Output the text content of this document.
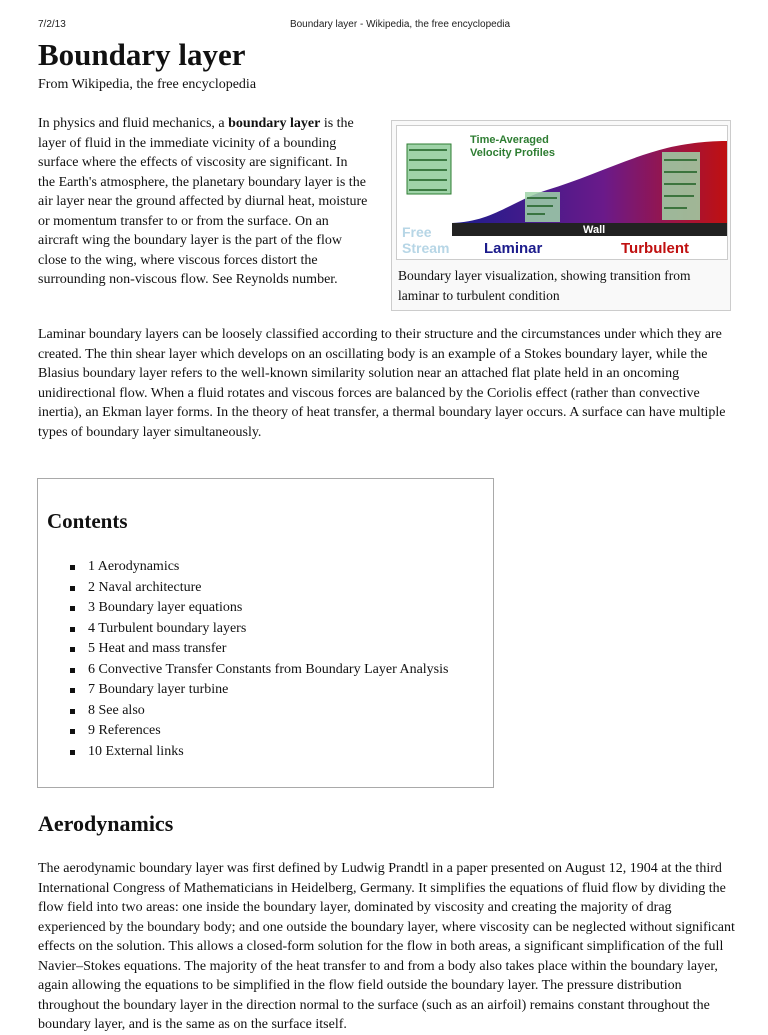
7/2/13	Boundary layer - Wikipedia, the free encyclopedia
Boundary layer
From Wikipedia, the free encyclopedia

In physics and fluid mechanics, a boundary layer is the layer of fluid in the immediate vicinity of a bounding surface where the effects of viscosity are significant. In the Earth's atmosphere, the planetary boundary layer is the air layer near the ground affected by diurnal heat, moisture or momentum transfer to or from the surface. On an aircraft wing the boundary layer is the part of the flow close to the wing, where viscous forces distort the surrounding non-viscous flow. See Reynolds number.

Time-Averaged
Velocity Profiles
Wall
Free
Stream Laminar	Turbulent
Boundary layer visualization, showing transition from laminar to turbulent condition

Laminar boundary layers can be loosely classified according to their structure and the circumstances under which they are created. The thin shear layer which develops on an oscillating body is an example of a Stokes boundary layer, while the Blasius boundary layer refers to the well-known similarity solution near an attached flat plate held in an oncoming unidirectional flow. When a fluid rotates and viscous forces are balanced by the Coriolis effect (rather than convective inertia), an Ekman layer forms. In the theory of heat transfer, a thermal boundary layer occurs. A surface can have multiple types of boundary layer simultaneously.

Contents
1 Aerodynamics
2 Naval architecture
3 Boundary layer equations
4 Turbulent boundary layers
5 Heat and mass transfer
6 Convective Transfer Constants from Boundary Layer Analysis
7 Boundary layer turbine
8 See also
9 References
10 External links
Aerodynamics

The aerodynamic boundary layer was first defined by Ludwig Prandtl in a paper presented on August 12, 1904 at the third International Congress of Mathematicians in Heidelberg, Germany. It simplifies the equations of fluid flow by dividing the flow field into two areas: one inside the boundary layer, dominated by viscosity and creating the majority of drag experienced by the boundary body; and one outside the boundary layer, where viscosity can be neglected without significant effects on the solution. This allows a closed-form solution for the flow in both areas, a significant simplification of the full Navier–Stokes equations. The majority of the heat transfer to and from a body also takes place within the boundary layer, again allowing the equations to be simplified in the flow field outside the boundary layer. The pressure distribution throughout the boundary layer in the direction normal to the surface (such as an airfoil) remains constant throughout the boundary layer, and is the same as on the surface itself.
